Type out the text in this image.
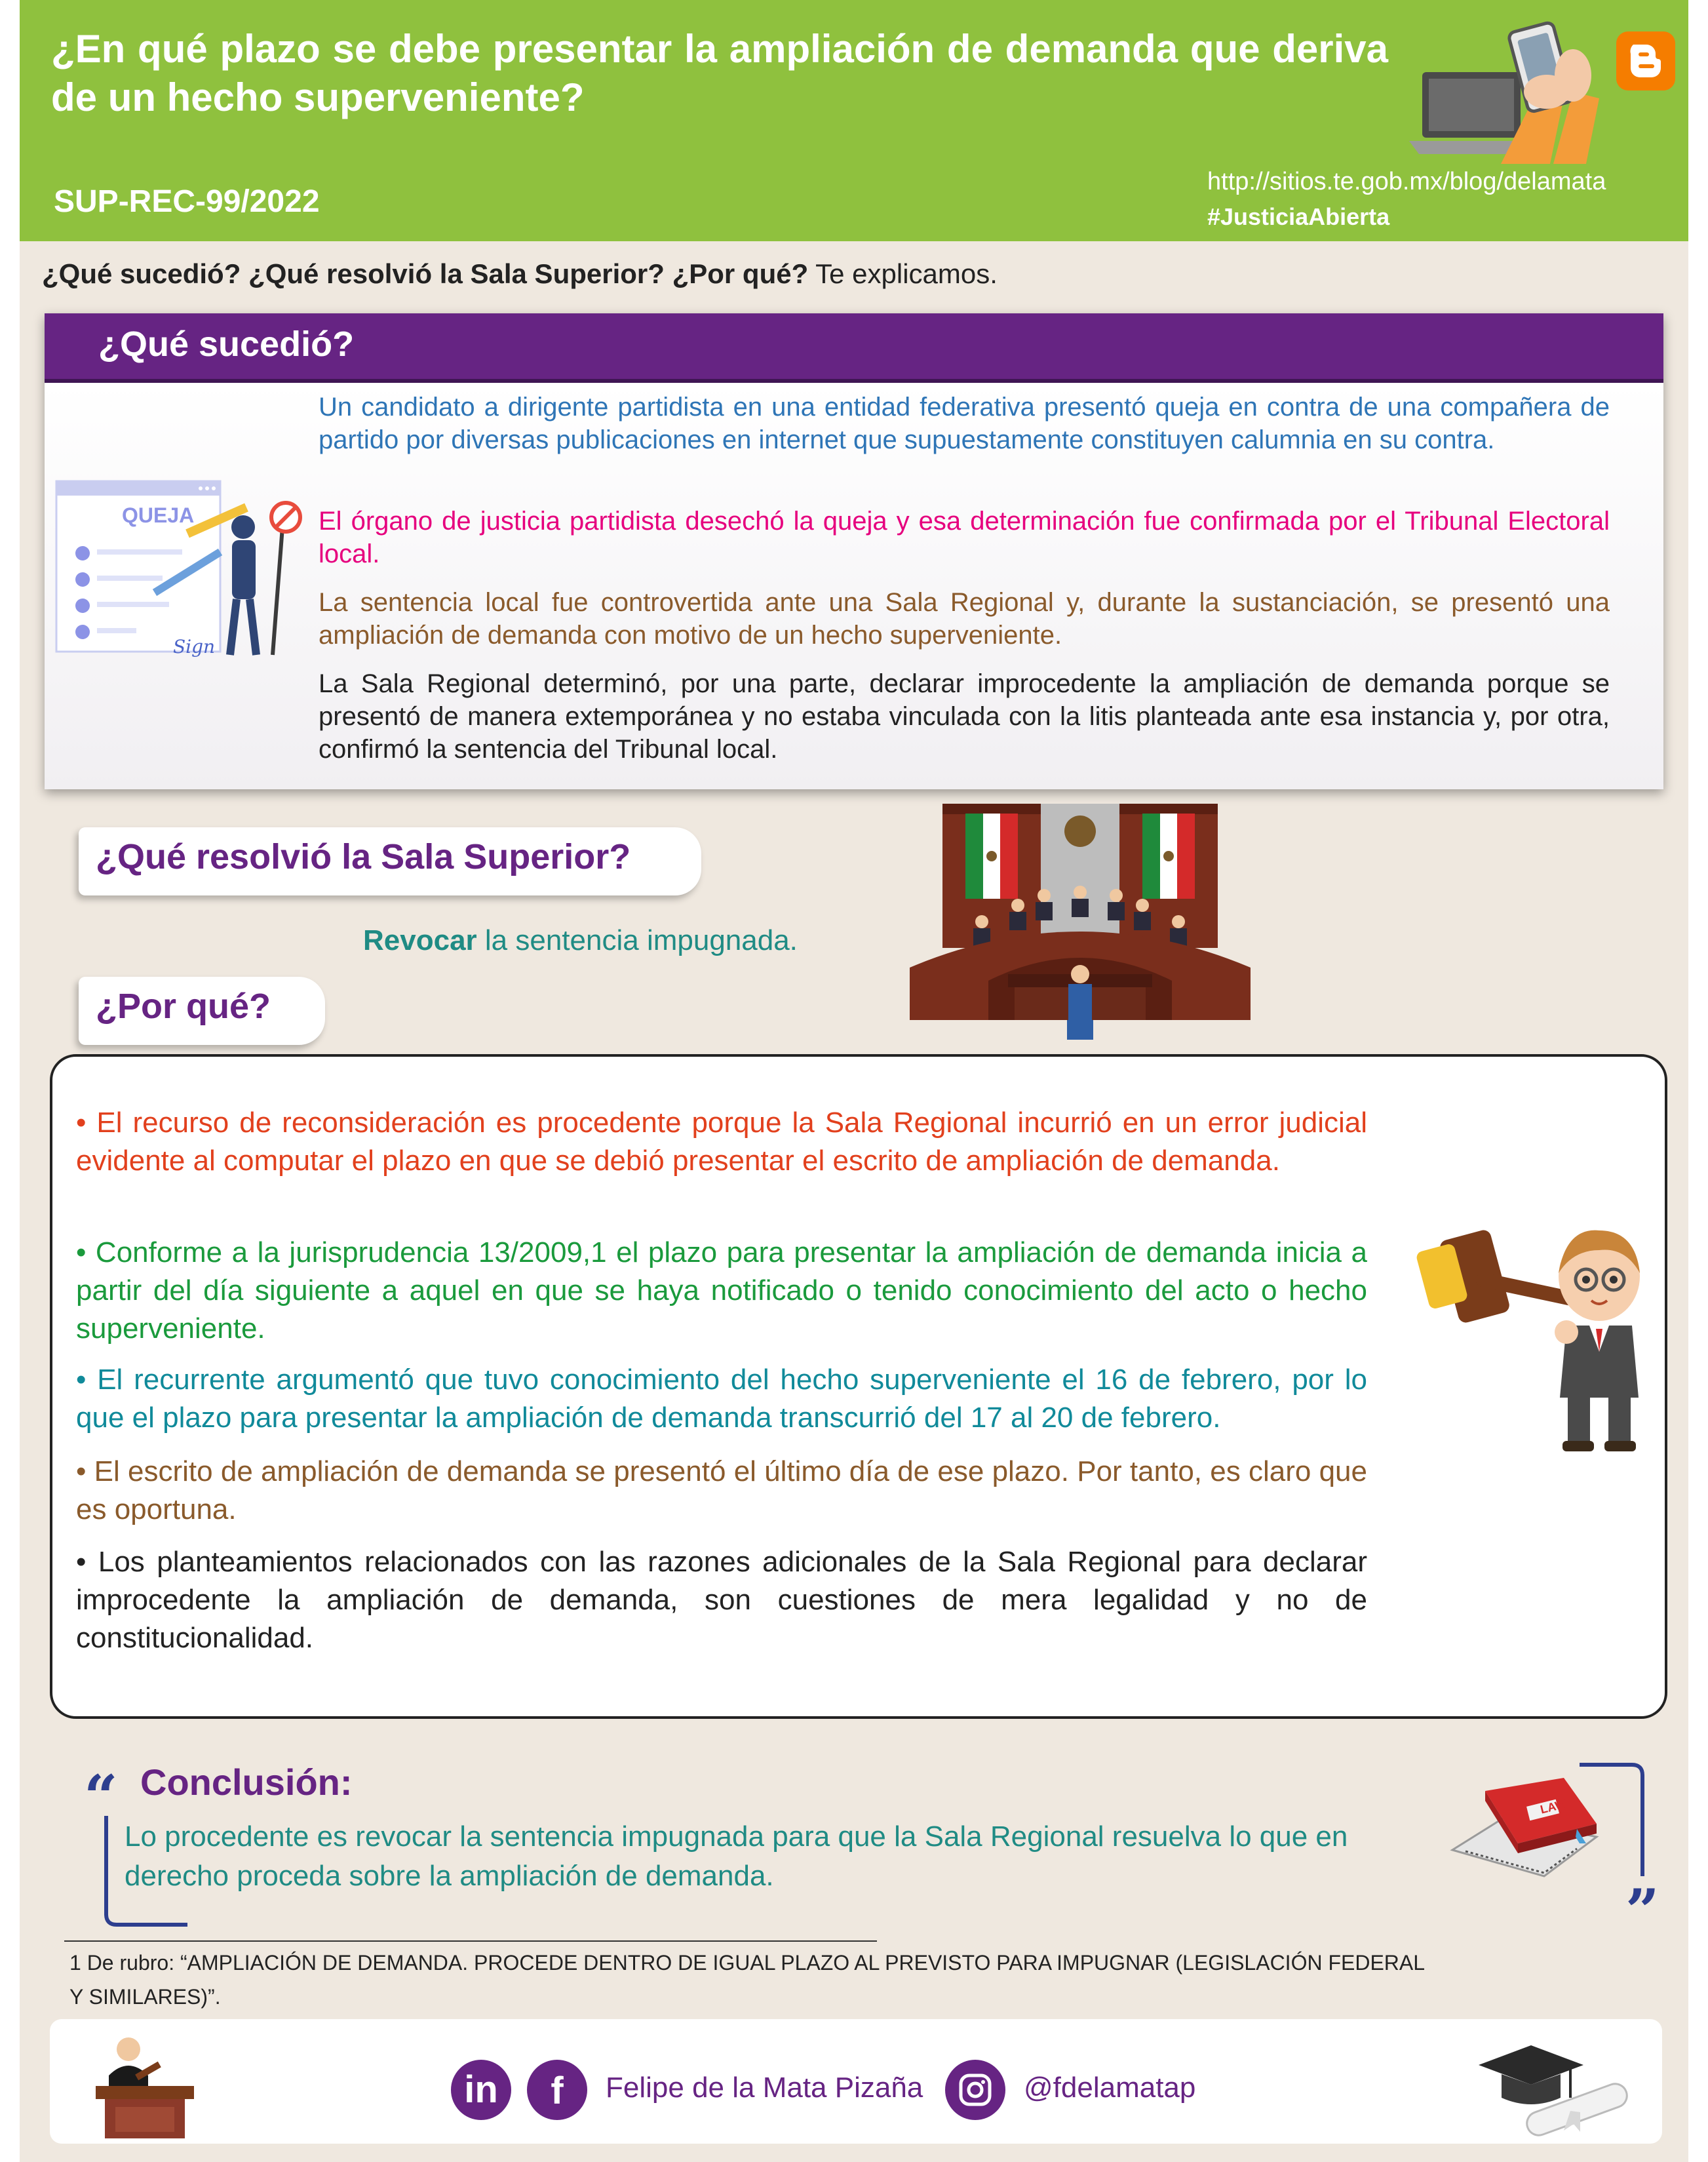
¿En qué plazo se debe presentar la ampliación de demanda que deriva de un hecho superveniente?
SUP-REC-99/2022
http://sitios.te.gob.mx/blog/delamata
#JusticiaAbierta
¿Qué sucedió? ¿Qué resolvió la Sala Superior? ¿Por qué? Te explicamos.
¿Qué sucedió?
QUEJA
Sign
Un candidato a dirigente partidista en una entidad federativa presentó queja en contra de una compañera de partido por diversas publicaciones en internet que supuestamente constituyen calumnia en su contra.
El órgano de justicia partidista desechó la queja y esa determinación fue confirmada por el Tribunal Electoral local.
La sentencia local fue controvertida ante una Sala Regional y, durante la sustanciación, se presentó una ampliación de demanda con motivo de un hecho superveniente.
La Sala Regional determinó, por una parte, declarar improcedente la ampliación de demanda porque se presentó de manera extemporánea y no estaba vinculada con la litis planteada ante esa instancia y, por otra, confirmó la sentencia del Tribunal local.
¿Qué resolvió la Sala Superior?
Revocar la sentencia impugnada.
¿Por qué?
• El recurso de reconsideración es procedente porque la Sala Regional incurrió en un error judicial evidente al computar el plazo en que se debió presentar el escrito de ampliación de demanda.
• Conforme a la jurisprudencia 13/2009,1 el plazo para presentar la ampliación de demanda inicia a partir del día siguiente a aquel en que se haya notificado o tenido conocimiento del acto o hecho superveniente.
• El recurrente argumentó que tuvo conocimiento del hecho superveniente el 16 de febrero, por lo que el plazo para presentar la ampliación de demanda transcurrió del 17 al 20 de febrero.
• El escrito de ampliación de demanda se presentó el último día de ese plazo. Por tanto, es claro que es oportuna.
• Los planteamientos relacionados con las razones adicionales de la Sala Regional para declarar improcedente la ampliación de demanda, son cuestiones de mera legalidad y no de constitucionalidad.
“
”
Conclusión:
Lo procedente es revocar la sentencia impugnada para que la Sala Regional resuelva lo que en derecho proceda sobre la ampliación de demanda.
LAW
1 De rubro: “AMPLIACIÓN DE DEMANDA. PROCEDE DENTRO DE IGUAL PLAZO AL PREVISTO PARA IMPUGNAR (LEGISLACIÓN FEDERAL Y SIMILARES)”.
in	f	Felipe de la Mata Pizaña	@fdelamatap
